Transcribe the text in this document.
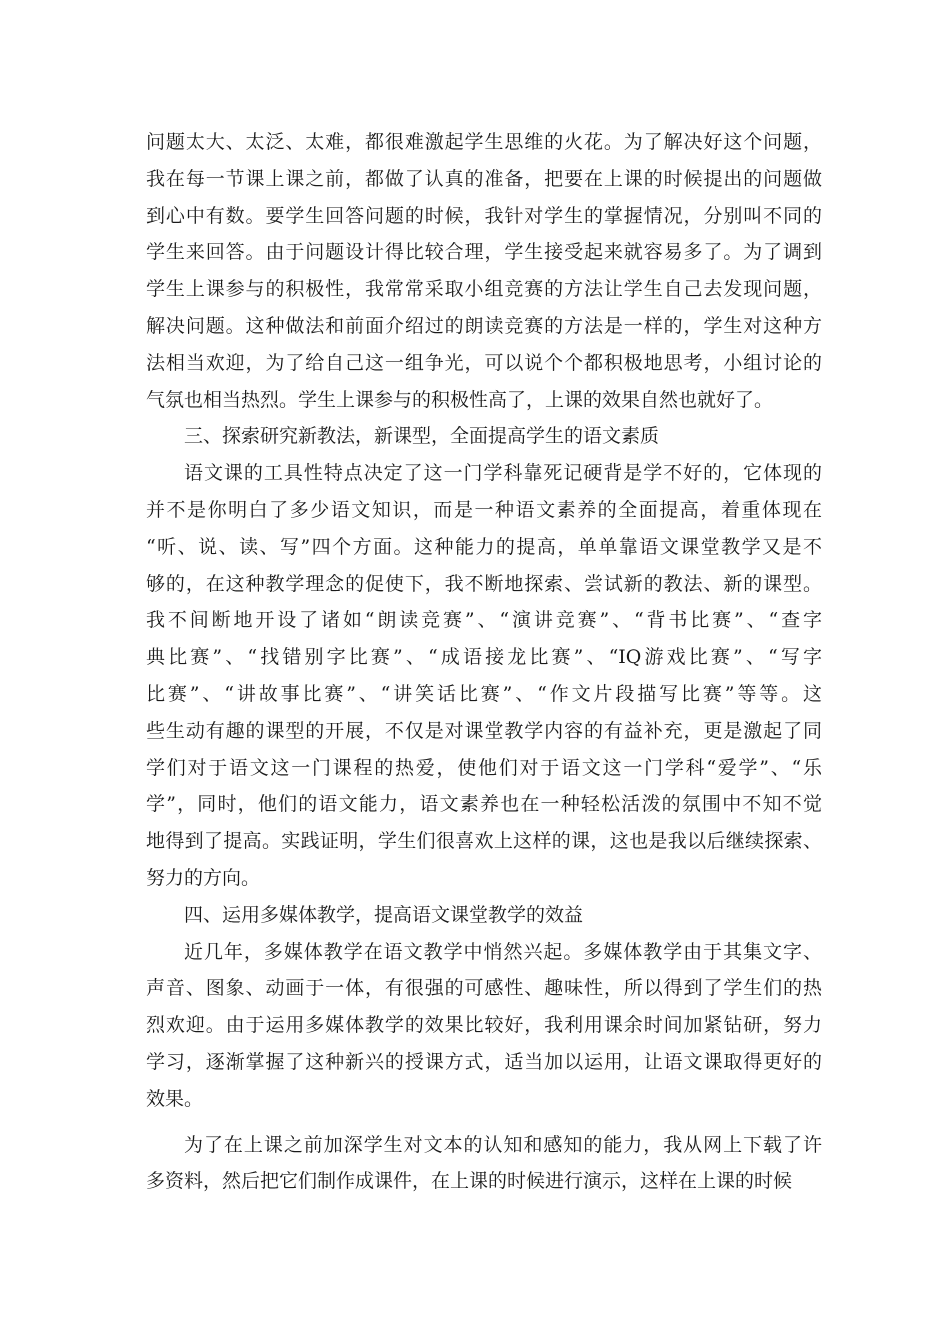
问题太大、太泛、太难，都很难激起学生思维的火花。为了解决好这个问题，
我在每一节课上课之前，都做了认真的准备，把要在上课的时候提出的问题做
到心中有数。要学生回答问题的时候，我针对学生的掌握情况，分别叫不同的
学生来回答。由于问题设计得比较合理，学生接受起来就容易多了。为了调到
学生上课参与的积极性，我常常采取小组竞赛的方法让学生自己去发现问题，
解决问题。这种做法和前面介绍过的朗读竞赛的方法是一样的，学生对这种方
法相当欢迎，为了给自己这一组争光，可以说个个都积极地思考，小组讨论的
气氛也相当热烈。学生上课参与的积极性高了，上课的效果自然也就好了。
三、探索研究新教法，新课型，全面提高学生的语文素质
语文课的工具性特点决定了这一门学科靠死记硬背是学不好的，它体现的
并不是你明白了多少语文知识，而是一种语文素养的全面提高，着重体现在
“听、说、读、写”四个方面。这种能力的提高，单单靠语文课堂教学又是不
够的，在这种教学理念的促使下，我不断地探索、尝试新的教法、新的课型。
我不间断地开设了诸如“朗读竞赛”、“演讲竞赛”、“背书比赛”、“查字
典比赛”、“找错别字比赛”、“成语接龙比赛”、“IQ游戏比赛”、“写字
比赛”、“讲故事比赛”、“讲笑话比赛”、“作文片段描写比赛”等等。这
些生动有趣的课型的开展，不仅是对课堂教学内容的有益补充，更是激起了同
学们对于语文这一门课程的热爱，使他们对于语文这一门学科“爱学”、“乐
学”，同时，他们的语文能力，语文素养也在一种轻松活泼的氛围中不知不觉
地得到了提高。实践证明，学生们很喜欢上这样的课，这也是我以后继续探索、
努力的方向。
四、运用多媒体教学，提高语文课堂教学的效益
近几年，多媒体教学在语文教学中悄然兴起。多媒体教学由于其集文字、
声音、图象、动画于一体，有很强的可感性、趣味性，所以得到了学生们的热
烈欢迎。由于运用多媒体教学的效果比较好，我利用课余时间加紧钻研，努力
学习，逐渐掌握了这种新兴的授课方式，适当加以运用，让语文课取得更好的
效果。
为了在上课之前加深学生对文本的认知和感知的能力，我从网上下载了许
多资料，然后把它们制作成课件，在上课的时候进行演示，这样在上课的时候
